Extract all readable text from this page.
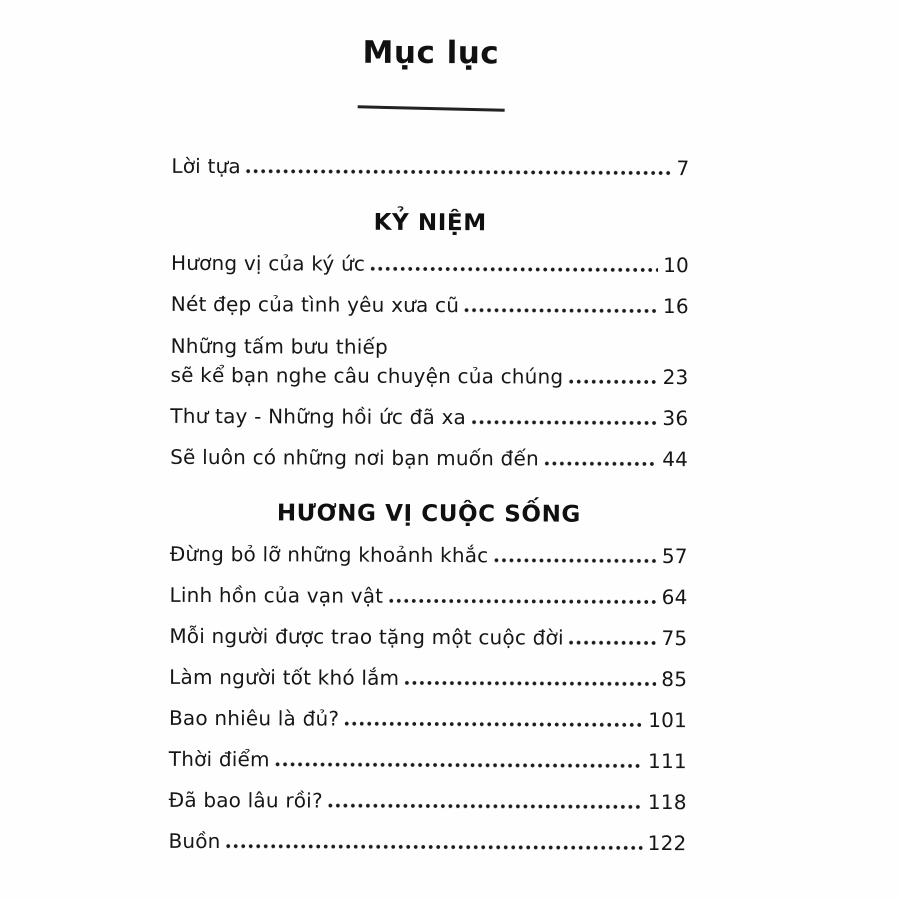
Mục lục
Lời tựa	7
KỶ NIỆM
Hương vị của ký ức	10
Nét đẹp của tình yêu xưa cũ	16
Những tấm bưu thiếp
sẽ kể bạn nghe câu chuyện của chúng	23
Thư tay - Những hồi ức đã xa	36
Sẽ luôn có những nơi bạn muốn đến	44
HƯƠNG VỊ CUỘC SỐNG
Đừng bỏ lỡ những khoảnh khắc	57
Linh hồn của vạn vật	64
Mỗi người được trao tặng một cuộc đời	75
Làm người tốt khó lắm	85
Bao nhiêu là đủ?	101
Thời điểm	111
Đã bao lâu rồi?	118
Buồn	122
